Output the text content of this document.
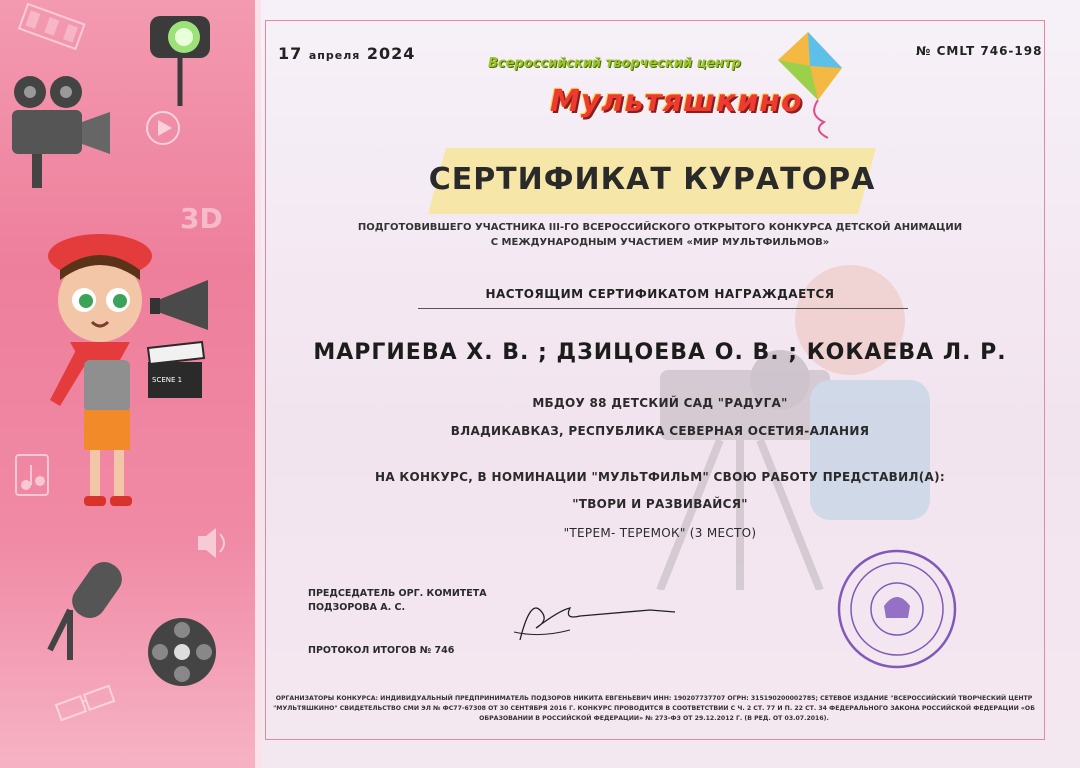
3D
SCENE 1
17 апреля 2024	№ CMLT 746-198
Всероссийский творческий центр
Мультяшкино
СЕРТИФИКАТ КУРАТОРА
ПОДГОТОВИВШЕГО УЧАСТНИКА III-ГО ВСЕРОССИЙСКОГО ОТКРЫТОГО КОНКУРСА ДЕТСКОЙ АНИМАЦИИ
С МЕЖДУНАРОДНЫМ УЧАСТИЕМ «МИР МУЛЬТФИЛЬМОВ»
НАСТОЯЩИМ СЕРТИФИКАТОМ НАГРАЖДАЕТСЯ
МАРГИЕВА Х. В. ; ДЗИЦОЕВА О. В. ; КОКАЕВА Л. Р.
МБДОУ 88 ДЕТСКИЙ САД "РАДУГА"
ВЛАДИКАВКАЗ, РЕСПУБЛИКА СЕВЕРНАЯ ОСЕТИЯ-АЛАНИЯ
НА КОНКУРС, В НОМИНАЦИИ "МУЛЬТФИЛЬМ" СВОЮ РАБОТУ ПРЕДСТАВИЛ(А):
"ТВОРИ И РАЗВИВАЙСЯ"
"ТЕРЕМ- ТЕРЕМОК" (3 МЕСТО)
ПРЕДСЕДАТЕЛЬ ОРГ. КОМИТЕТА
ПОДЗОРОВА А. С.
ПРОТОКОЛ ИТОГОВ № 746
ОРГАНИЗАТОРЫ КОНКУРСА: ИНДИВИДУАЛЬНЫЙ ПРЕДПРИНИМАТЕЛЬ ПОДЗОРОВ НИКИТА ЕВГЕНЬЕВИЧ ИНН: 190207737707 ОГРН: 315190200002785; СЕТЕВОЕ ИЗДАНИЕ "ВСЕРОССИЙСКИЙ ТВОРЧЕСКИЙ ЦЕНТР "МУЛЬТЯШКИНО" СВИДЕТЕЛЬСТВО СМИ ЭЛ № ФС77-67308 ОТ 30 СЕНТЯБРЯ 2016 Г. КОНКУРС ПРОВОДИТСЯ В СООТВЕТСТВИИ С Ч. 2 СТ. 77 И П. 22 СТ. 34 ФЕДЕРАЛЬНОГО ЗАКОНА РОССИЙСКОЙ ФЕДЕРАЦИИ «ОБ ОБРАЗОВАНИИ В РОССИЙСКОЙ ФЕДЕРАЦИИ» № 273-ФЗ ОТ 29.12.2012 Г. (В РЕД. ОТ 03.07.2016).
